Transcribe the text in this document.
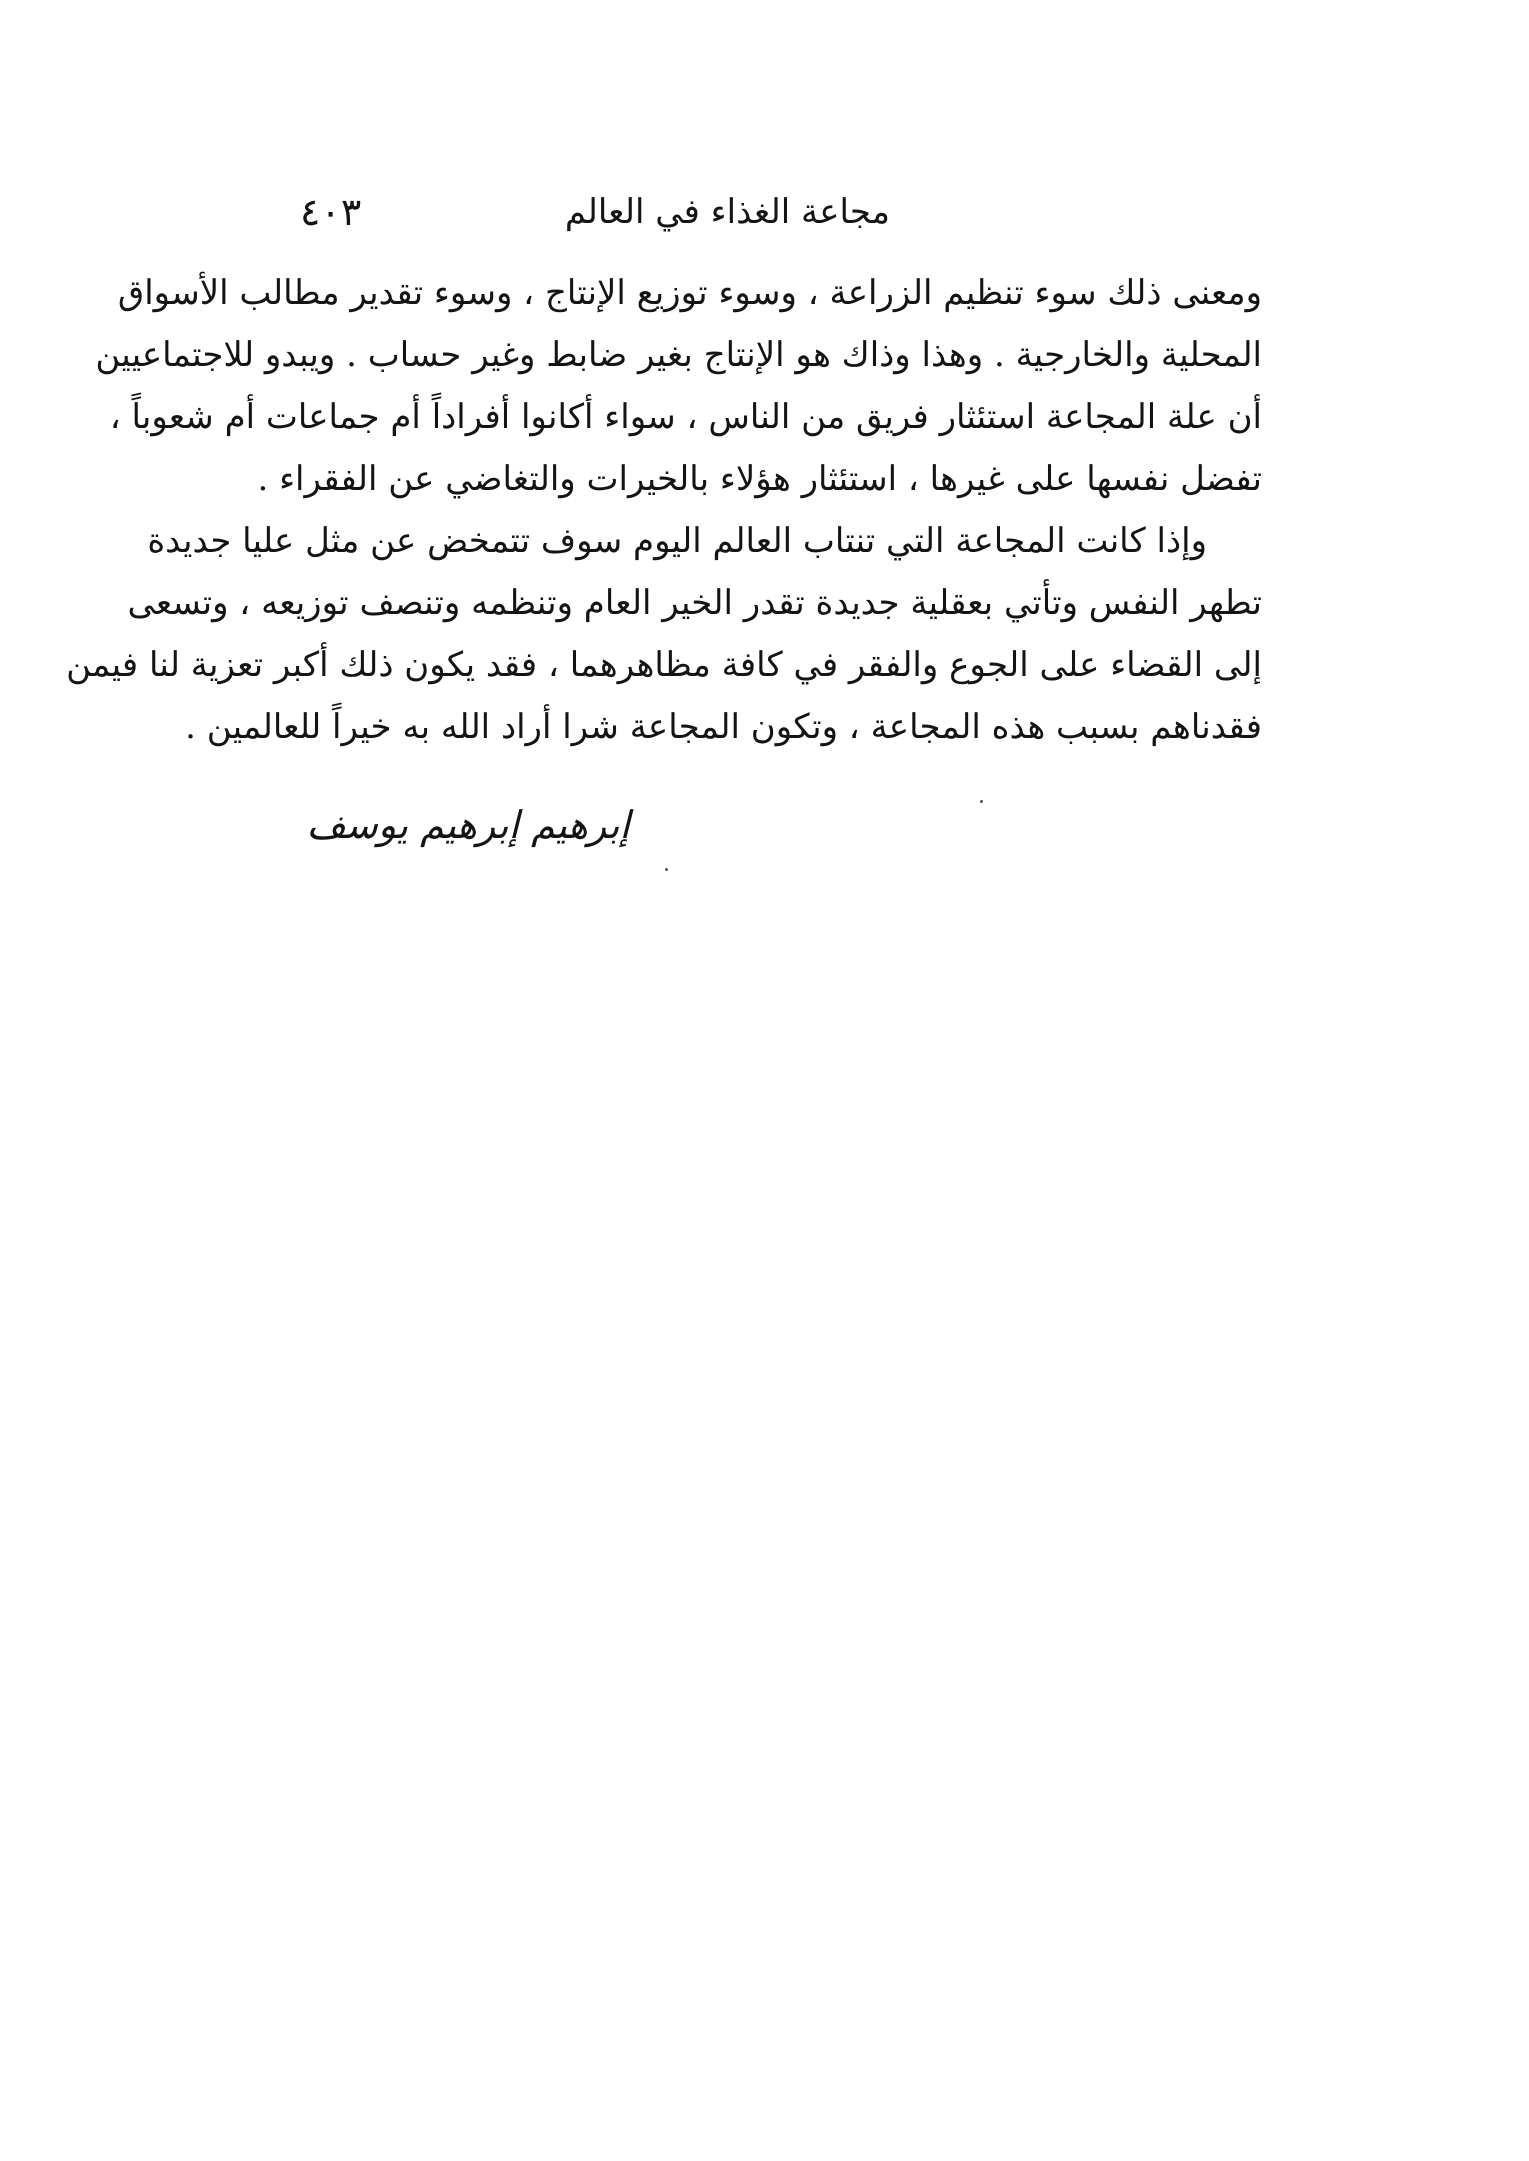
مجاعة الغذاء في العالم
٤٠٣
ومعنى ذلك سوء تنظيم الزراعة ، وسوء توزيع الإنتاج ، وسوء تقدير مطالب الأسواق
المحلية والخارجية . وهذا وذاك هو الإنتاج بغير ضابط وغير حساب . ويبدو للاجتماعيين
أن علة المجاعة استئثار فريق من الناس ، سواء أكانوا أفراداً أم جماعات أم شعوباً ،
تفضل نفسها على غيرها ، استئثار هؤلاء بالخيرات والتغاضي عن الفقراء .
وإذا كانت المجاعة التي تنتاب العالم اليوم سوف تتمخض عن مثل عليا جديدة
تطهر النفس وتأتي بعقلية جديدة تقدر الخير العام وتنظمه وتنصف توزيعه ، وتسعى
إلى القضاء على الجوع والفقر في كافة مظاهرهما ، فقد يكون ذلك أكبر تعزية لنا فيمن
فقدناهم بسبب هذه المجاعة ، وتكون المجاعة شرا أراد الله به خيراً للعالمين .
إبرهيم إبرهيم يوسف
